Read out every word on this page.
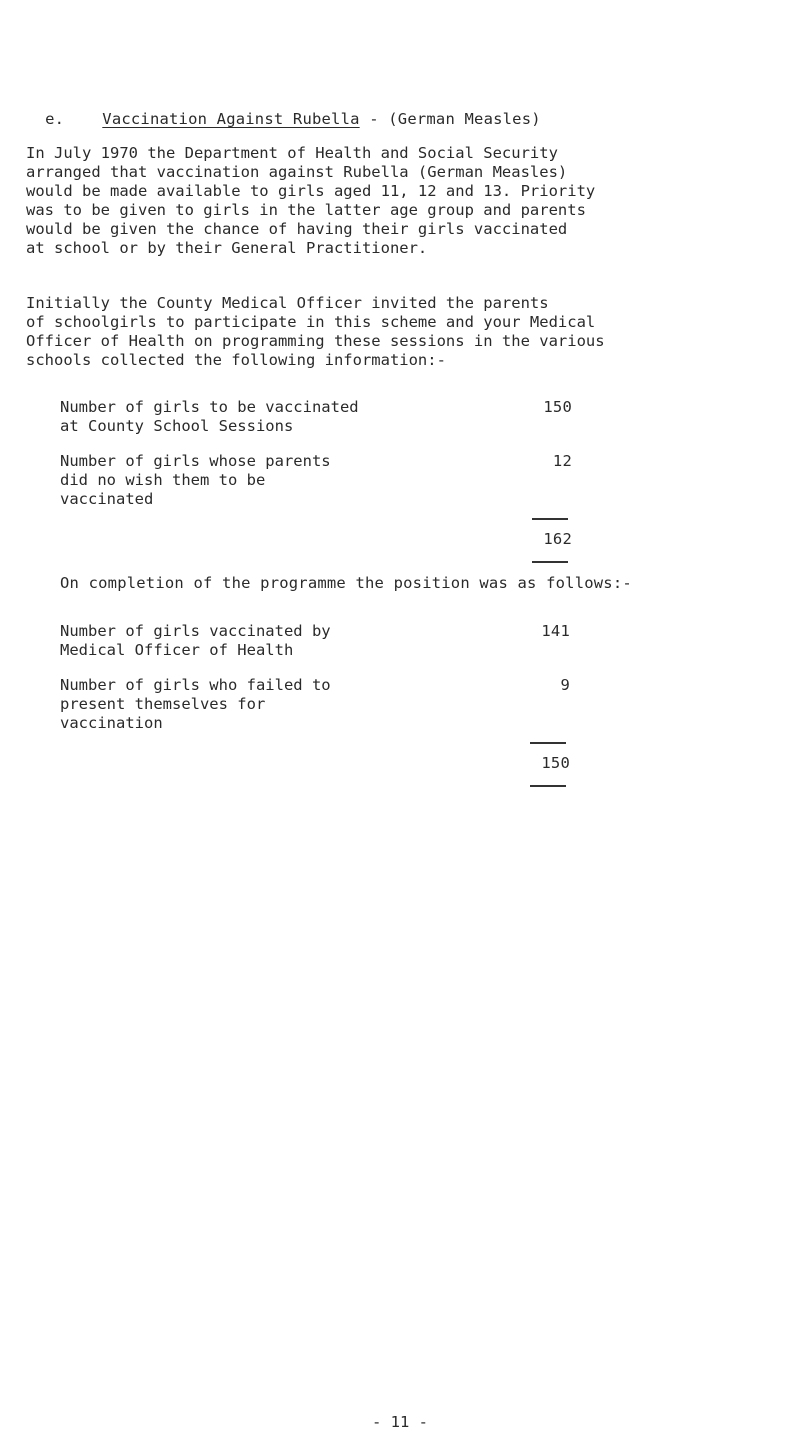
e. Vaccination Against Rubella - (German Measles)

In July 1970 the Department of Health and Social Security
arranged that vaccination against Rubella (German Measles)
would be made available to girls aged 11, 12 and 13. Priority
was to be given to girls in the latter age group and parents
would be given the chance of having their girls vaccinated
at school or by their General Practitioner.
Initially the County Medical Officer invited the parents
of schoolgirls to participate in this scheme and your Medical
Officer of Health on programming these sessions in the various
schools collected the following information:-
Number of girls to be vaccinated
at County School Sessions
150
Number of girls whose parents
did no wish them to be
vaccinated
12
162
On completion of the programme the position was as follows:-
Number of girls vaccinated by
Medical Officer of Health
141
Number of girls who failed to
present themselves for
vaccination
9
150
- 11 -
